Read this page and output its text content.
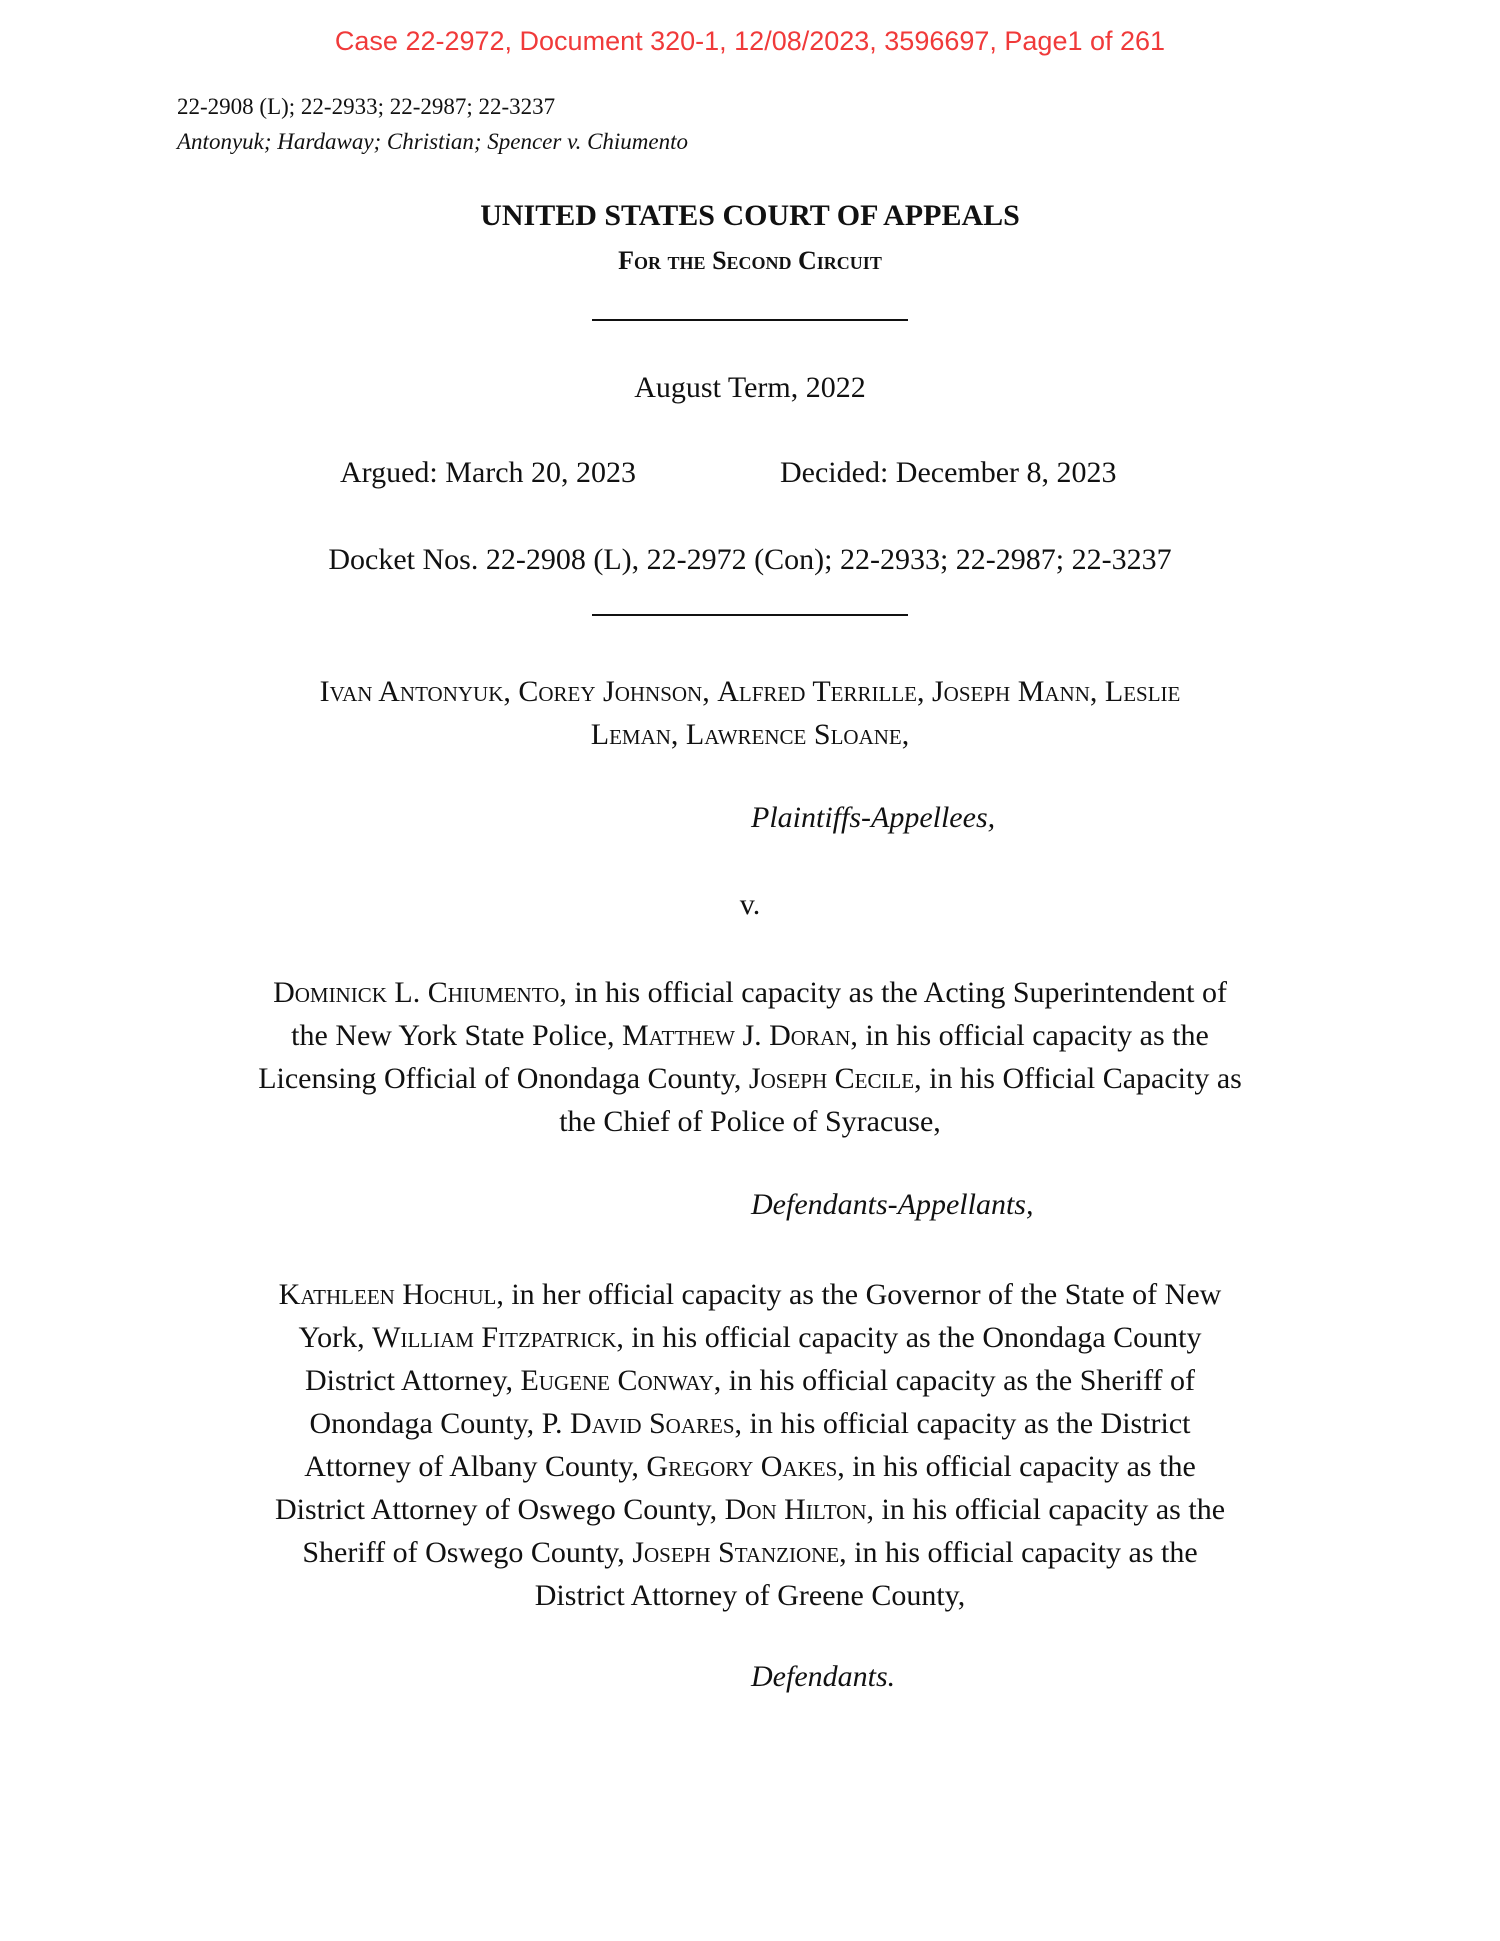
Case 22-2972, Document 320-1, 12/08/2023, 3596697, Page1 of 261
22-2908 (L); 22-2933; 22-2987; 22-3237
Antonyuk; Hardaway; Christian; Spencer v. Chiumento
UNITED STATES COURT OF APPEALS
For the Second Circuit
August Term, 2022
Argued: March 20, 2023	Decided: December 8, 2023
Docket Nos. 22-2908 (L), 22-2972 (Con); 22-2933; 22-2987; 22-3237
Ivan Antonyuk, Corey Johnson, Alfred Terrille, Joseph Mann, Leslie
Leman, Lawrence Sloane,
Plaintiffs-Appellees,
v.
Dominick L. Chiumento, in his official capacity as the Acting Superintendent of
the New York State Police, Matthew J. Doran, in his official capacity as the
Licensing Official of Onondaga County, Joseph Cecile, in his Official Capacity as
the Chief of Police of Syracuse,
Defendants-Appellants,
Kathleen Hochul, in her official capacity as the Governor of the State of New
York, William Fitzpatrick, in his official capacity as the Onondaga County
District Attorney, Eugene Conway, in his official capacity as the Sheriff of
Onondaga County, P. David Soares, in his official capacity as the District
Attorney of Albany County, Gregory Oakes, in his official capacity as the
District Attorney of Oswego County, Don Hilton, in his official capacity as the
Sheriff of Oswego County, Joseph Stanzione, in his official capacity as the
District Attorney of Greene County,
Defendants.
